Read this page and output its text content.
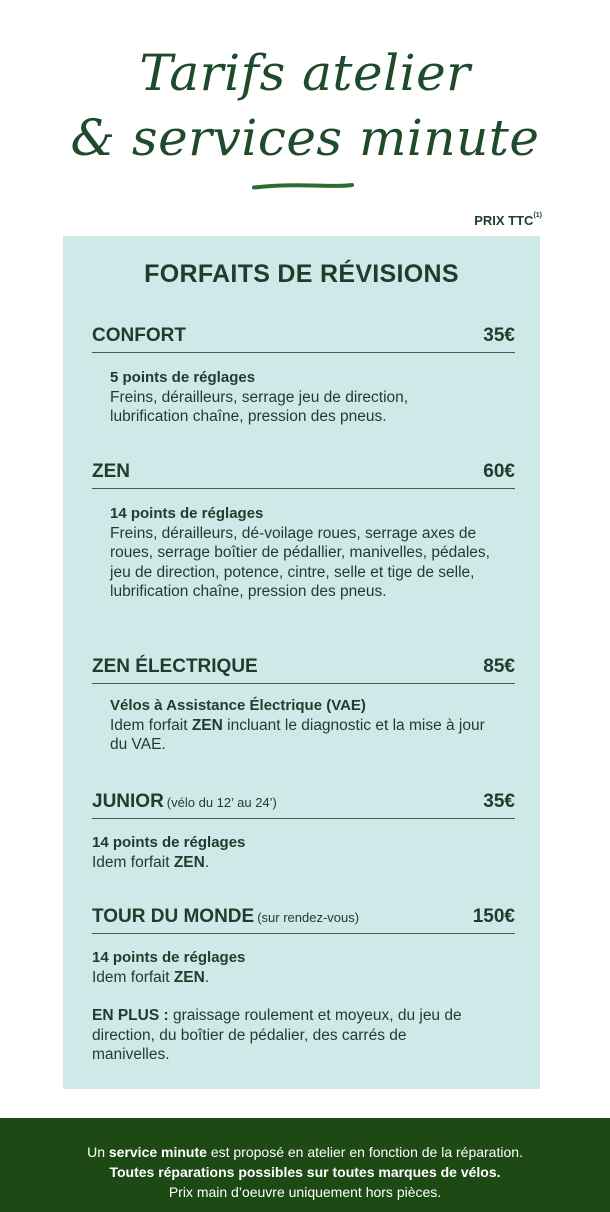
Tarifs atelier
& services minute
PRIX TTC$^{(1)}$
FORFAITS DE RÉVISIONS
CONFORT	35€
5 points de réglages
Freins, dérailleurs, serrage jeu de direction, lubrification chaîne, pression des pneus.
ZEN	60€
14 points de réglages
Freins, dérailleurs, dé-voilage roues, serrage axes de roues, serrage boîtier de pédallier, manivelles, pédales, jeu de direction, potence, cintre, selle et tige de selle, lubrification chaîne, pression des pneus.
ZEN ÉLECTRIQUE	85€
Vélos à Assistance Électrique (VAE)
Idem forfait ZEN incluant le diagnostic et la mise à jour du VAE.
JUNIOR (vélo du 12’ au 24’)	35€
14 points de réglages
Idem forfait ZEN.
TOUR DU MONDE (sur rendez-vous)	150€
14 points de réglages
Idem forfait ZEN.
EN PLUS : graissage roulement et moyeux, du jeu de direction, du boîtier de pédalier, des carrés de manivelles.
Un service minute est proposé en atelier en fonction de la réparation.
Toutes réparations possibles sur toutes marques de vélos.
Prix main d’oeuvre uniquement hors pièces.
